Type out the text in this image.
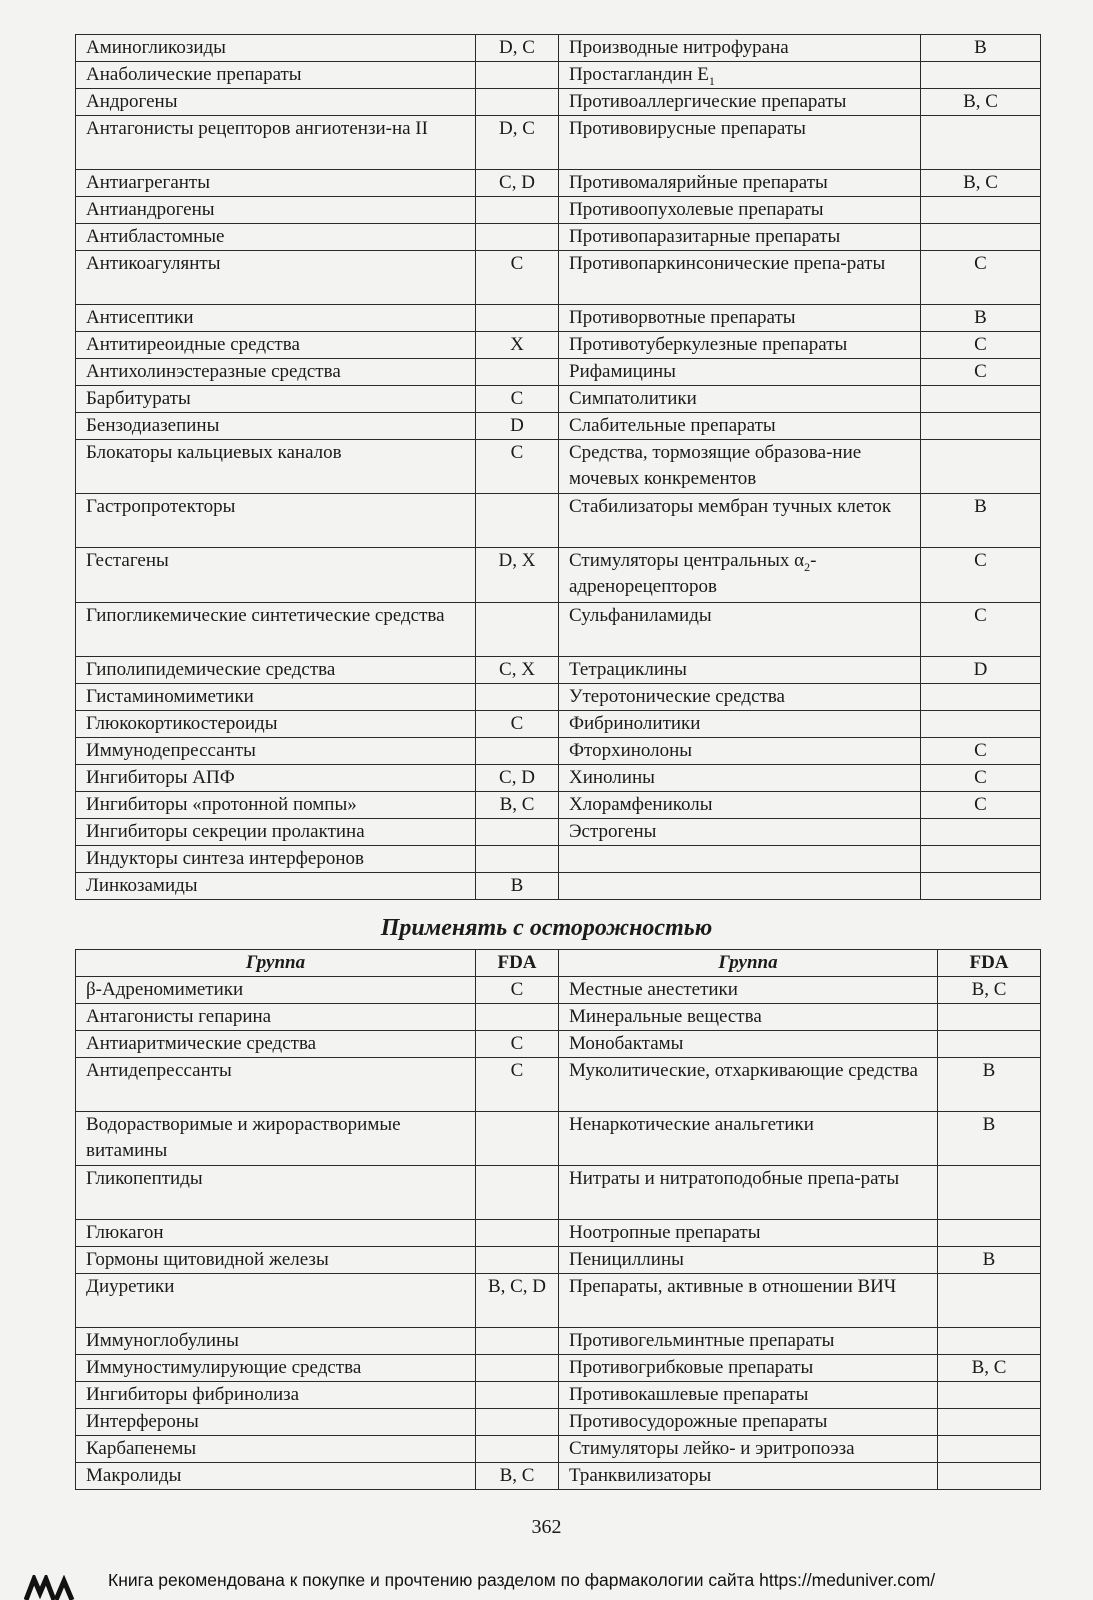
Аминогликозиды	D, C	Производные нитрофурана	B
Анаболические препараты		Простагландин $E_1$	
Андрогены		Противоаллергические препараты	B, C
Антагонисты рецепторов ангиотензи-на II	D, C	Противовирусные препараты	
Антиагреганты	C, D	Противомалярийные препараты	B, C
Антиандрогены		Противоопухолевые препараты	
Антибластомные		Противопаразитарные препараты	
Антикоагулянты	C	Противопаркинсонические препа-раты	C
Антисептики		Противорвотные препараты	B
Антитиреоидные средства	X	Противотуберкулезные препараты	C
Антихолинэстеразные средства		Рифамицины	C
Барбитураты	C	Симпатолитики	
Бензодиазепины	D	Слабительные препараты	
Блокаторы кальциевых каналов	C	Средства, тормозящие образова-ние мочевых конкрементов	
Гастропротекторы		Стабилизаторы мембран тучных клеток	B
Гестагены	D, X	Стимуляторы центральных $\alpha_2$-адренорецепторов	C
Гипогликемические синтетические средства		Сульфаниламиды	C
Гиполипидемические средства	C, X	Тетрациклины	D
Гистаминомиметики		Утеротонические средства	
Глюкокортикостероиды	C	Фибринолитики	
Иммунодепрессанты		Фторхинолоны	C
Ингибиторы АПФ	C, D	Хинолины	C
Ингибиторы «протонной помпы»	B, C	Хлорамфениколы	C
Ингибиторы секреции пролактина		Эстрогены	
Индукторы синтеза интерферонов			
Линкозамиды	B		
Применять с осторожностью
Группа	FDA	Группа	FDA
β-Адреномиметики	C	Местные анестетики	B, C
Антагонисты гепарина		Минеральные вещества	
Антиаритмические средства	C	Монобактамы	
Антидепрессанты	C	Муколитические, отхаркивающие средства	B
Водорастворимые и жирорастворимые витамины		Ненаркотические анальгетики	B
Гликопептиды		Нитраты и нитратоподобные препа-раты	
Глюкагон		Ноотропные препараты	
Гормоны щитовидной железы		Пенициллины	B
Диуретики	B, C, D	Препараты, активные в отношении ВИЧ	
Иммуноглобулины		Противогельминтные препараты	
Иммуностимулирующие средства		Противогрибковые препараты	B, C
Ингибиторы фибринолиза		Противокашлевые препараты	
Интерфероны		Противосудорожные препараты	
Карбапенемы		Стимуляторы лейко- и эритропоэза	
Макролиды	B, C	Транквилизаторы	
362
Книга рекомендована к покупке и прочтению разделом по фармакологии сайта https://meduniver.com/
